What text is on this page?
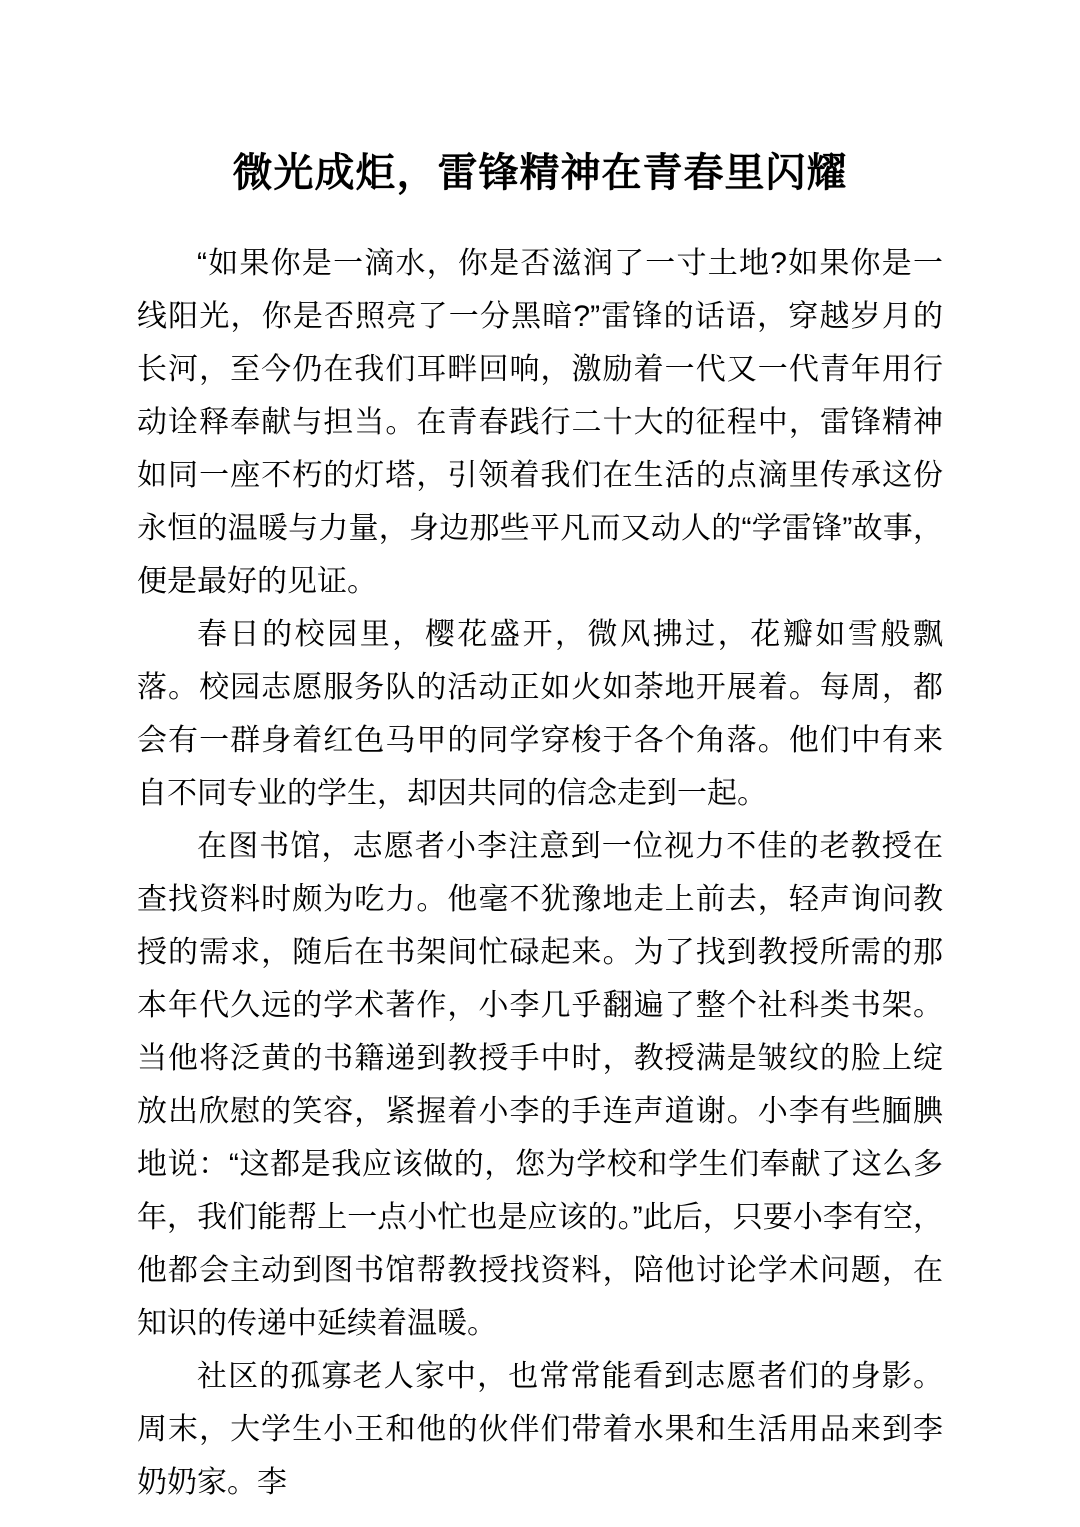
微光成炬，雷锋精神在青春里闪耀

“如果你是一滴水，你是否滋润了一寸土地?如果你是一线阳光，你是否照亮了一分黑暗?”雷锋的话语，穿越岁月的长河，至今仍在我们耳畔回响，激励着一代又一代青年用行动诠释奉献与担当。在青春践行二十大的征程中，雷锋精神如同一座不朽的灯塔，引领着我们在生活的点滴里传承这份永恒的温暖与力量，身边那些平凡而又动人的“学雷锋”故事，便是最好的见证。

春日的校园里，樱花盛开，微风拂过，花瓣如雪般飘落。校园志愿服务队的活动正如火如荼地开展着。每周，都会有一群身着红色马甲的同学穿梭于各个角落。他们中有来自不同专业的学生，却因共同的信念走到一起。

在图书馆，志愿者小李注意到一位视力不佳的老教授在查找资料时颇为吃力。他毫不犹豫地走上前去，轻声询问教授的需求，随后在书架间忙碌起来。为了找到教授所需的那本年代久远的学术著作，小李几乎翻遍了整个社科类书架。当他将泛黄的书籍递到教授手中时，教授满是皱纹的脸上绽放出欣慰的笑容，紧握着小李的手连声道谢。小李有些腼腆地说：“这都是我应该做的，您为学校和学生们奉献了这么多年，我们能帮上一点小忙也是应该的。”此后，只要小李有空，他都会主动到图书馆帮教授找资料，陪他讨论学术问题，在知识的传递中延续着温暖。

社区的孤寡老人家中，也常常能看到志愿者们的身影。周末，大学生小王和他的伙伴们带着水果和生活用品来到李奶奶家。李
